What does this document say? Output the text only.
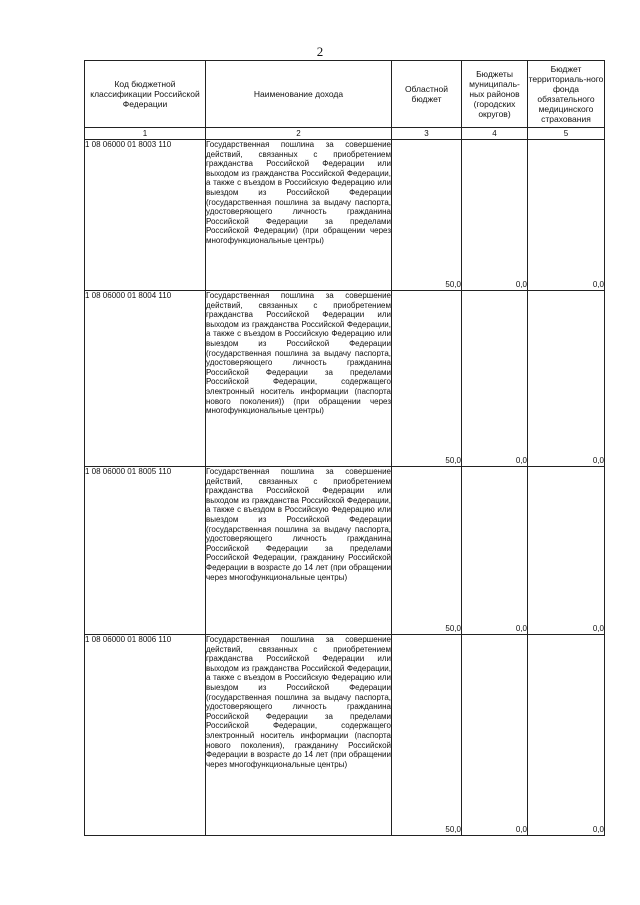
2
Код бюджетной классификации Российской Федерации	Наименование дохода	Областной бюджет	Бюджеты муниципаль-ных районов (городских округов)	Бюджет территориаль-ного фонда обязательного медицинского страхования
1	2	3	4	5
1 08 06000 01 8003 110	Государственная пошлина за совершение действий, связанных с приобретением гражданства Российской Федерации или выходом из гражданства Российской Федерации, а также с въездом в Российскую Федерацию или выездом из Российской Федерации (государственная пошлина за выдачу паспорта, удостоверяющего личность гражданина Российской Федерации за пределами Российской Федерации) (при обращении через многофункциональные центры)	50,0	0,0	0,0
1 08 06000 01 8004 110	Государственная пошлина за совершение действий, связанных с приобретением гражданства Российской Федерации или выходом из гражданства Российской Федерации, а также с въездом в Российскую Федерацию или выездом из Российской Федерации (государственная пошлина за выдачу паспорта, удостоверяющего личность гражданина Российской Федерации за пределами Российской Федерации, содержащего электронный носитель информации (паспорта нового поколения)) (при обращении через многофункциональные центры)	50,0	0,0	0,0
1 08 06000 01 8005 110	Государственная пошлина за совершение действий, связанных с приобретением гражданства Российской Федерации или выходом из гражданства Российской Федерации, а также с въездом в Российскую Федерацию или выездом из Российской Федерации (государственная пошлина за выдачу паспорта, удостоверяющего личность гражданина Российской Федерации за пределами Российской Федерации, гражданину Российской Федерации в возрасте до 14 лет (при обращении через многофункциональные центры)	50,0	0,0	0,0
1 08 06000 01 8006 110	Государственная пошлина за совершение действий, связанных с приобретением гражданства Российской Федерации или выходом из гражданства Российской Федерации, а также с въездом в Российскую Федерацию или выездом из Российской Федерации (государственная пошлина за выдачу паспорта, удостоверяющего личность гражданина Российской Федерации за пределами Российской Федерации, содержащего электронный носитель информации (паспорта нового поколения), гражданину Российской Федерации в возрасте до 14 лет (при обращении через многофункциональные центры)	50,0	0,0	0,0
